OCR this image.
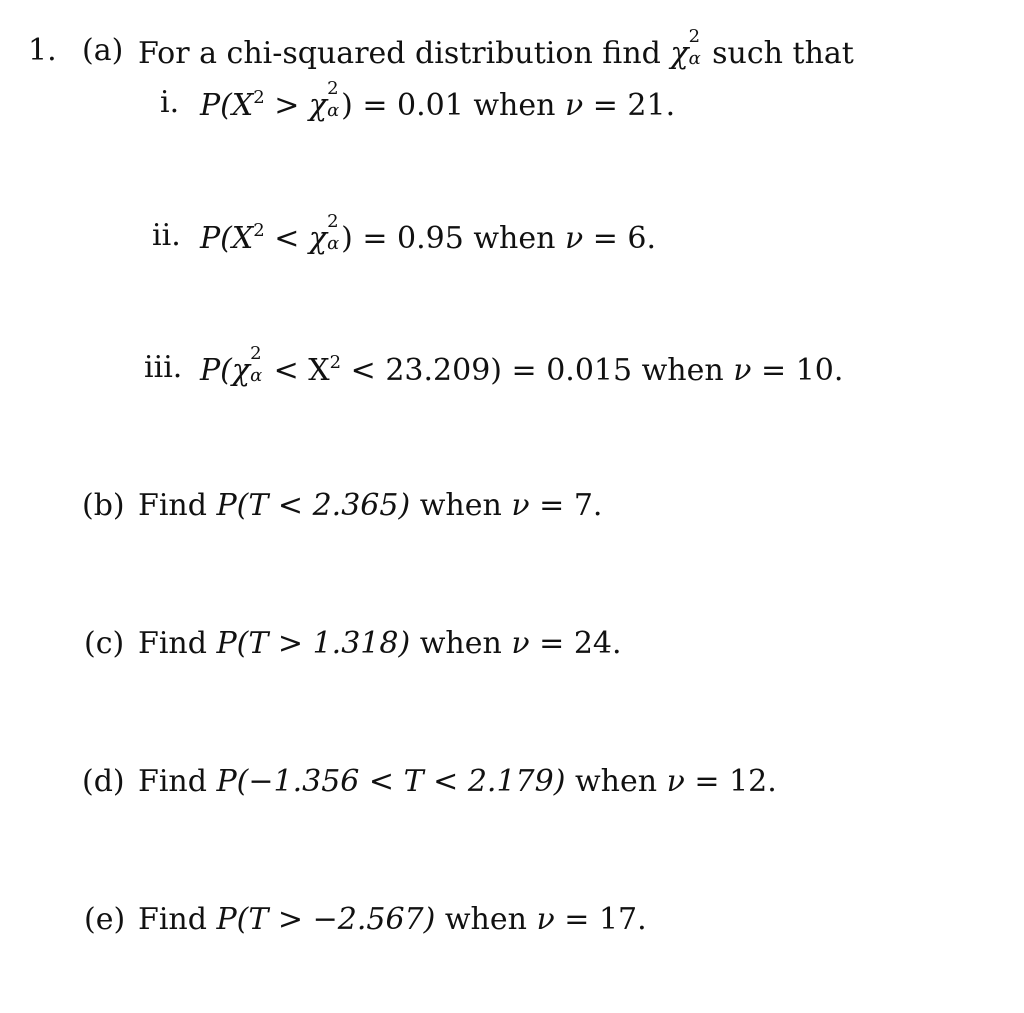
1. (a) For a chi-squared distribution find χ 2
α such that
i. $P(X^2 > \chi$ 2
α ) = 0.01 when ν = 21.
ii. $P(X^2 < \chi$ 2
α ) = 0.95 when ν = 6.
iii. P(χ 2
$\alpha < X^2 < 23.209) = 0.015$ when ν = 10.
(b) Find P(T < 2.365) when ν = 7.
(c) Find P(T > 1.318) when ν = 24.
(d) Find P(−1.356 < T < 2.179) when ν = 12.
(e) Find P(T > −2.567) when ν = 17.
